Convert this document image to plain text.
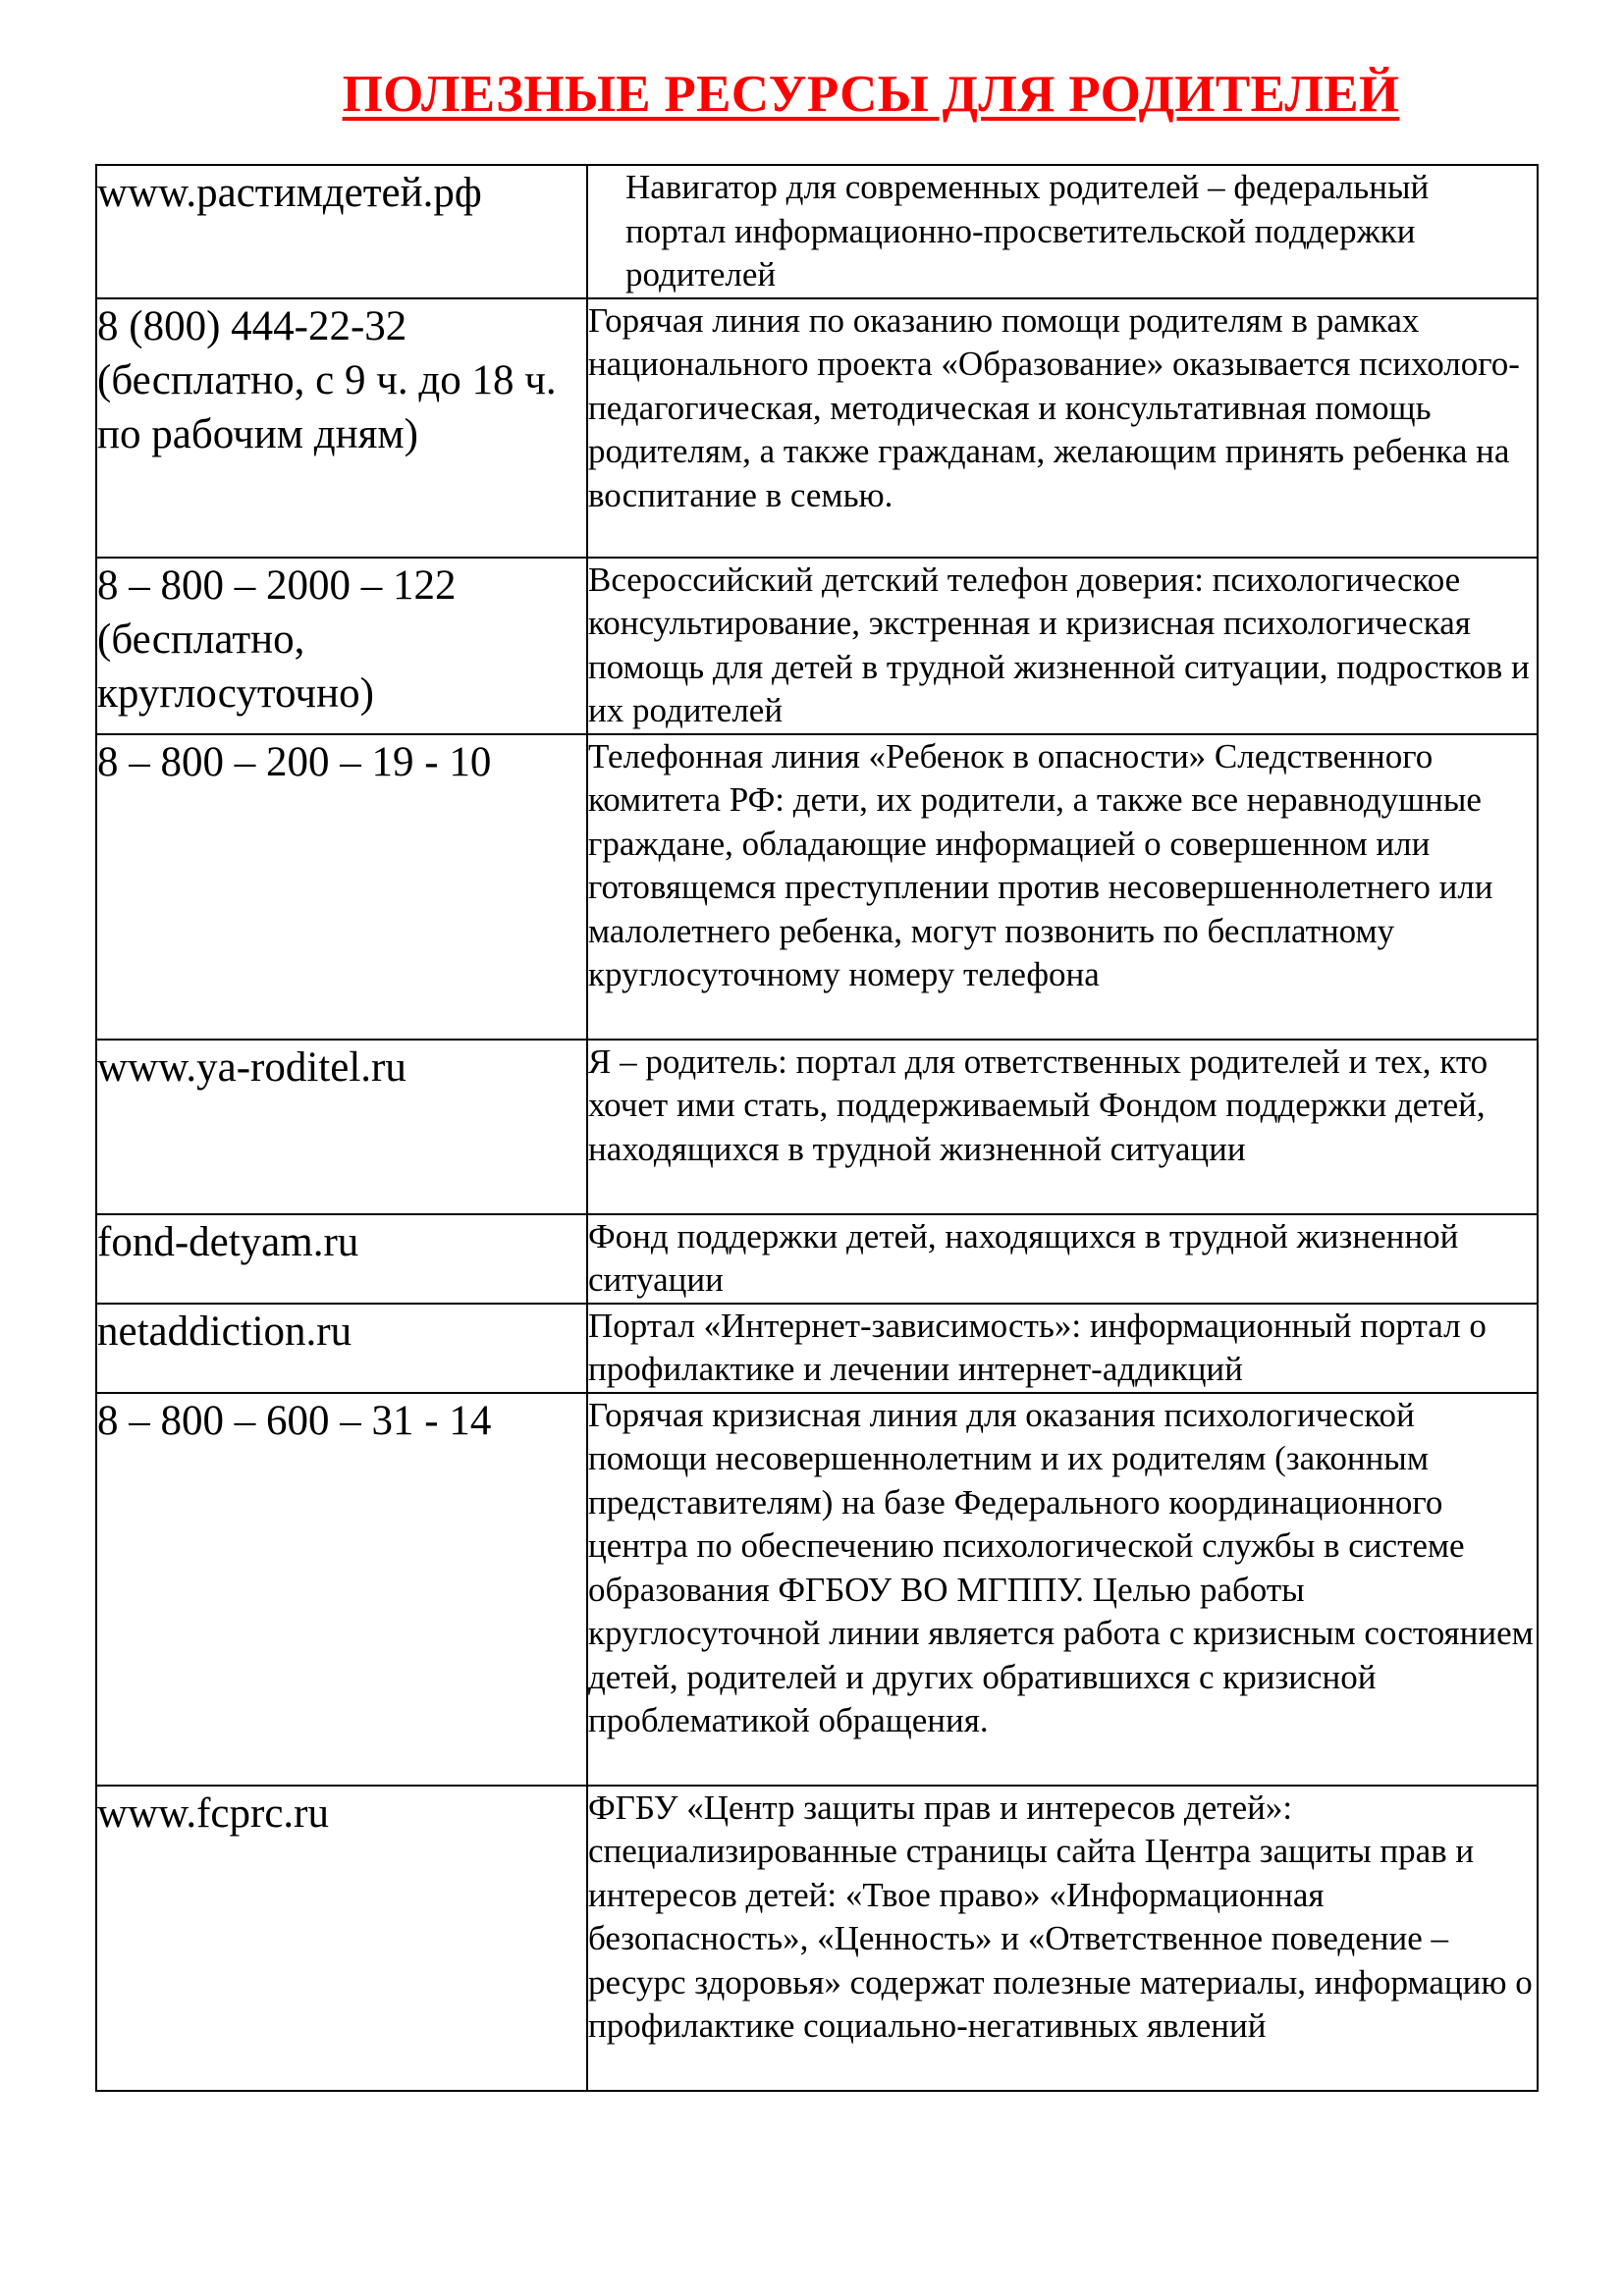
ПОЛЕЗНЫЕ РЕСУРСЫ ДЛЯ РОДИТЕЛЕЙ
www.растимдетей.рф	Навигатор для современных родителей – федеральный портал информационно-просветительской поддержки родителей
8 (800) 444-22-32 (бесплатно, с 9 ч. до 18 ч. по рабочим дням)	Горячая линия по оказанию помощи родителям в рамках национального проекта «Образование» оказывается психолого-педагогическая, методическая и консультативная помощь родителям, а также гражданам, желающим принять ребенка на воспитание в семью.
8 – 800 – 2000 – 122 (бесплатно, круглосуточно)	Всероссийский детский телефон доверия: психологическое консультирование, экстренная и кризисная психологическая помощь для детей в трудной жизненной ситуации, подростков и их родителей
8 – 800 – 200 – 19 - 10	Телефонная линия «Ребенок в опасности» Следственного комитета РФ: дети, их родители, а также все неравнодушные граждане, обладающие информацией о совершенном или готовящемся преступлении против несовершеннолетнего или малолетнего ребенка, могут позвонить по бесплатному круглосуточному номеру телефона
www.ya-roditel.ru	Я – родитель: портал для ответственных родителей и тех, кто хочет ими стать, поддерживаемый Фондом поддержки детей, находящихся в трудной жизненной ситуации
fond-detyam.ru	Фонд поддержки детей, находящихся в трудной жизненной ситуации
netaddiction.ru	Портал «Интернет-зависимость»: информационный портал о профилактике и лечении интернет-аддикций
8 – 800 – 600 – 31 - 14	Горячая кризисная линия для оказания психологической помощи несовершеннолетним и их родителям (законным представителям) на базе Федерального координационного центра по обеспечению психологической службы в системе образования ФГБОУ ВО МГППУ. Целью работы круглосуточной линии является работа с кризисным состоянием детей, родителей и других обратившихся с кризисной проблематикой обращения.
www.fcprc.ru	ФГБУ «Центр защиты прав и интересов детей»: специализированные страницы сайта Центра защиты прав и интересов детей: «Твое право» «Информационная безопасность», «Ценность» и «Ответственное поведение – ресурс здоровья» содержат полезные материалы, информацию о профилактике социально-негативных явлений
